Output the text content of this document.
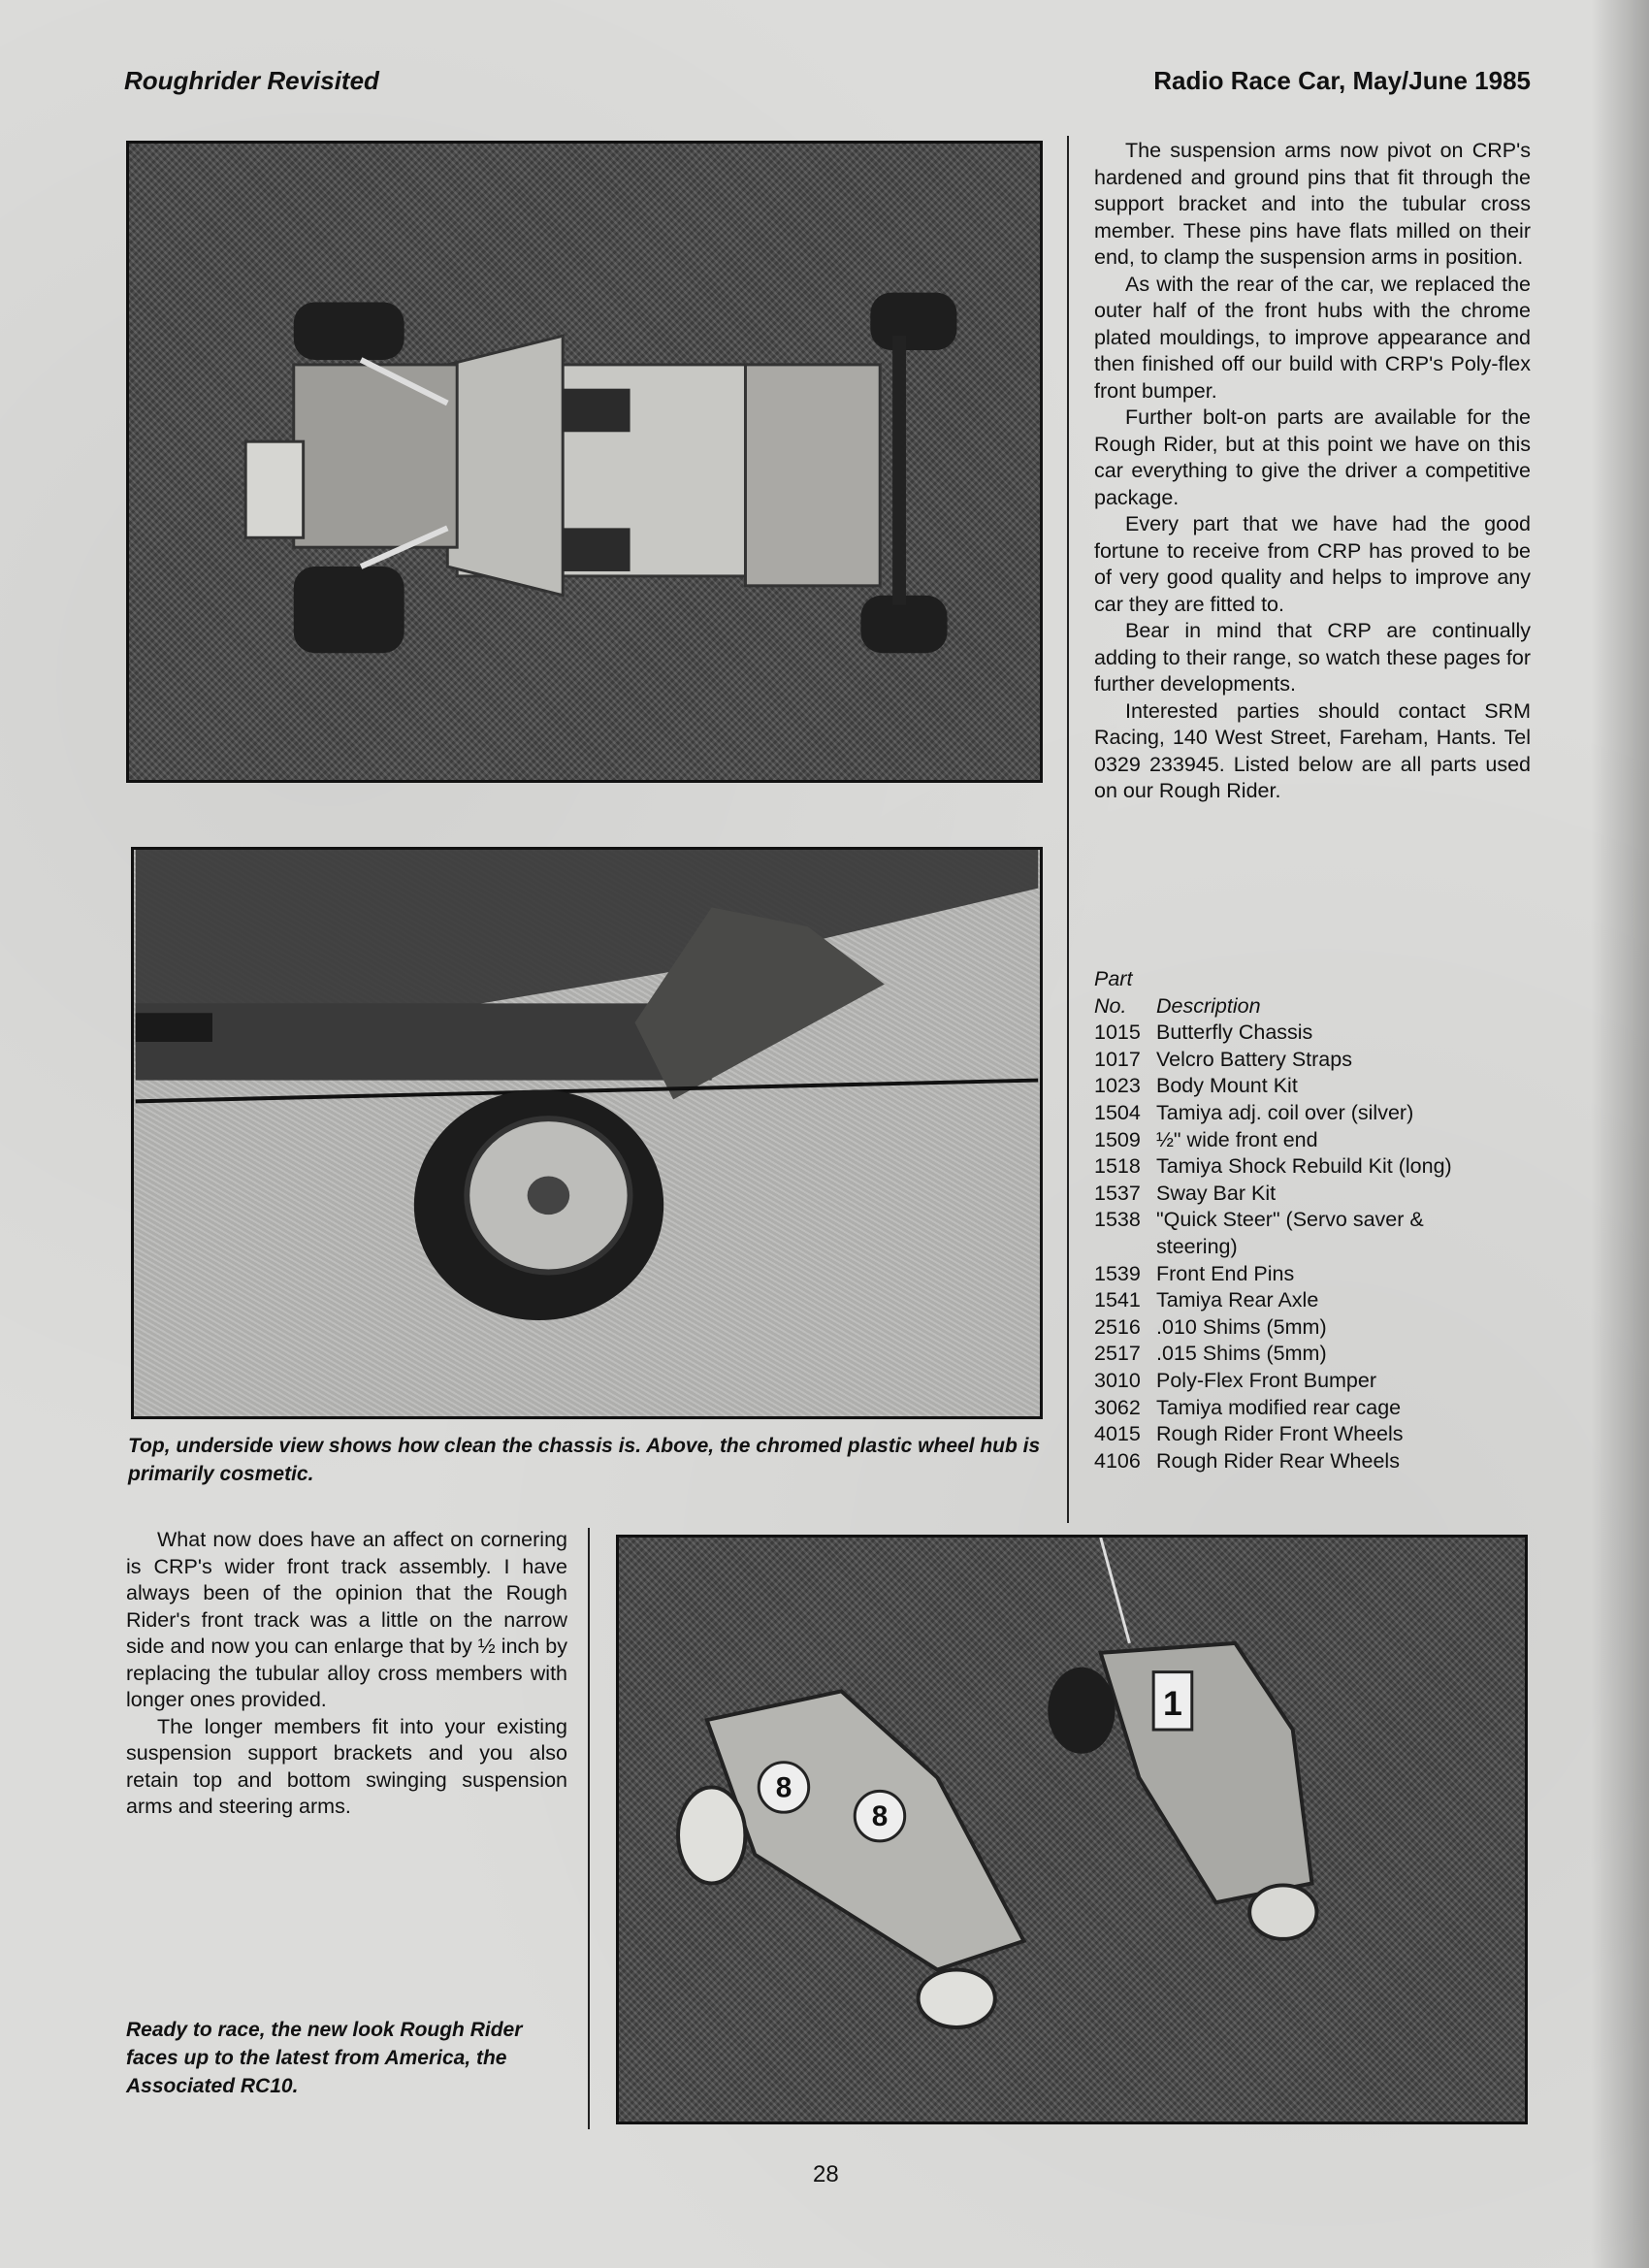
Roughrider Revisited	Radio Race Car, May/June 1985
Top, underside view shows how clean the chassis is. Above, the chromed plastic wheel hub is primarily cosmetic.

The suspension arms now pivot on CRP's hardened and ground pins that fit through the support bracket and into the tubular cross member. These pins have flats milled on their end, to clamp the suspension arms in position.

As with the rear of the car, we replaced the outer half of the front hubs with the chrome plated mouldings, to improve appearance and then finished off our build with CRP's Poly-flex front bumper.

Further bolt-on parts are available for the Rough Rider, but at this point we have on this car everything to give the driver a competitive package.

Every part that we have had the good fortune to receive from CRP has proved to be of very good quality and helps to improve any car they are fitted to.

Bear in mind that CRP are continually adding to their range, so watch these pages for further developments.

Interested parties should contact SRM Racing, 140 West Street, Fareham, Hants. Tel 0329 233945. Listed below are all parts used on our Rough Rider.

Part
No.	Description
1015 Butterfly Chassis
1017 Velcro Battery Straps
1023 Body Mount Kit
1504 Tamiya adj. coil over (silver)
1509 ½" wide front end
1518 Tamiya Shock Rebuild Kit (long)
1537 Sway Bar Kit
1538 "Quick Steer" (Servo saver &
steering)
1539 Front End Pins
1541 Tamiya Rear Axle
2516 .010 Shims (5mm)
2517 .015 Shims (5mm)
3010 Poly-Flex Front Bumper
3062 Tamiya modified rear cage
4015 Rough Rider Front Wheels
4106 Rough Rider Rear Wheels

What now does have an affect on cornering is CRP's wider front track assembly. I have always been of the opinion that the Rough Rider's front track was a little on the narrow side and now you can enlarge that by ½ inch by replacing the tubular alloy cross members with longer ones provided.

The longer members fit into your existing suspension support brackets and you also retain top and bottom swinging suspension arms and steering arms.

Ready to race, the new look Rough Rider faces up to the latest from America, the Associated RC10.
8
8
1
28
